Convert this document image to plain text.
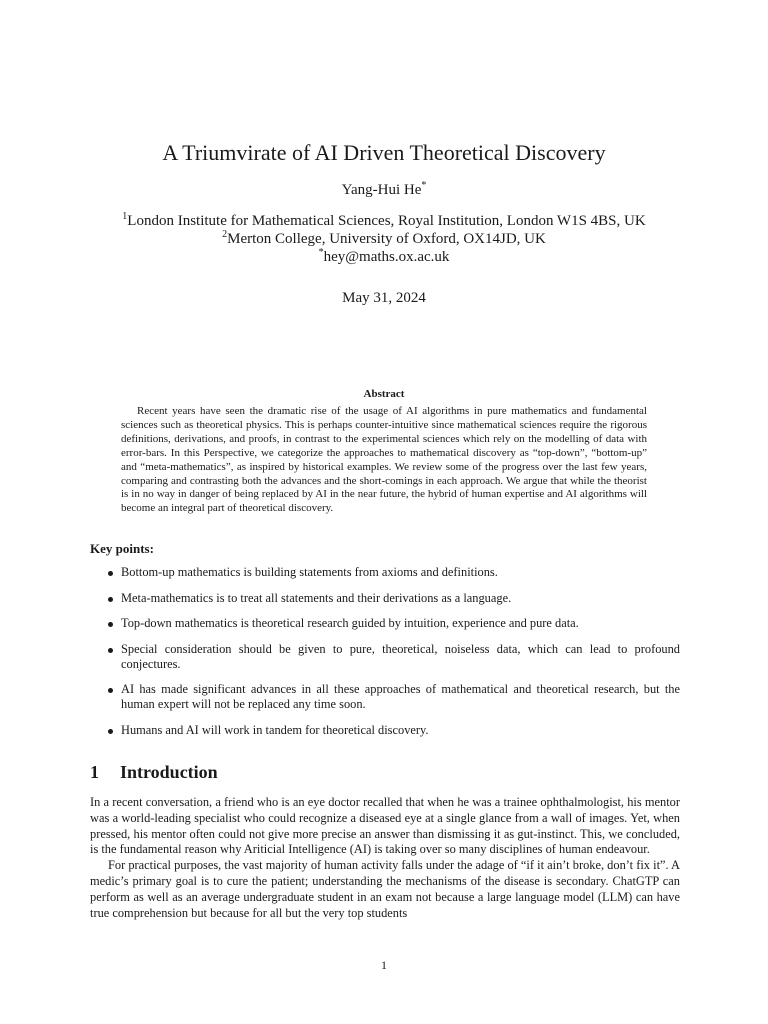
A Triumvirate of AI Driven Theoretical Discovery
Yang-Hui He*
$^1$London Institute for Mathematical Sciences, Royal Institution, London W1S 4BS, UK
$^2$Merton College, University of Oxford, OX14JD, UK
*hey@maths.ox.ac.uk
May 31, 2024
Abstract

Recent years have seen the dramatic rise of the usage of AI algorithms in pure mathematics and fundamental sciences such as theoretical physics. This is perhaps counter-intuitive since mathematical sciences require the rigorous definitions, derivations, and proofs, in contrast to the experimental sciences which rely on the modelling of data with error-bars. In this Perspective, we categorize the approaches to mathematical discovery as “top-down”, “bottom-up” and “meta-mathematics”, as inspired by historical examples. We review some of the progress over the last few years, comparing and contrasting both the advances and the short-comings in each approach. We argue that while the theorist is in no way in danger of being replaced by AI in the near future, the hybrid of human expertise and AI algorithms will become an integral part of theoretical discovery.

Key points:
Bottom-up mathematics is building statements from axioms and definitions.
Meta-mathematics is to treat all statements and their derivations as a language.
Top-down mathematics is theoretical research guided by intuition, experience and pure data.
Special consideration should be given to pure, theoretical, noiseless data, which can lead to profound conjectures.
AI has made significant advances in all these approaches of mathematical and theoretical research, but the human expert will not be replaced any time soon.
Humans and AI will work in tandem for theoretical discovery.
1 Introduction

In a recent conversation, a friend who is an eye doctor recalled that when he was a trainee ophthalmologist, his mentor was a world-leading specialist who could recognize a diseased eye at a single glance from a wall of images. Yet, when pressed, his mentor often could not give more precise an answer than dismissing it as gut-instinct. This, we concluded, is the fundamental reason why Ariticial Intelligence (AI) is taking over so many disciplines of human endeavour.

For practical purposes, the vast majority of human activity falls under the adage of “if it ain’t broke, don’t fix it”. A medic’s primary goal is to cure the patient; understanding the mechanisms of the disease is secondary. ChatGTP can perform as well as an average undergraduate student in an exam not because a large language model (LLM) can have true comprehension but because for all but the very top students

1
